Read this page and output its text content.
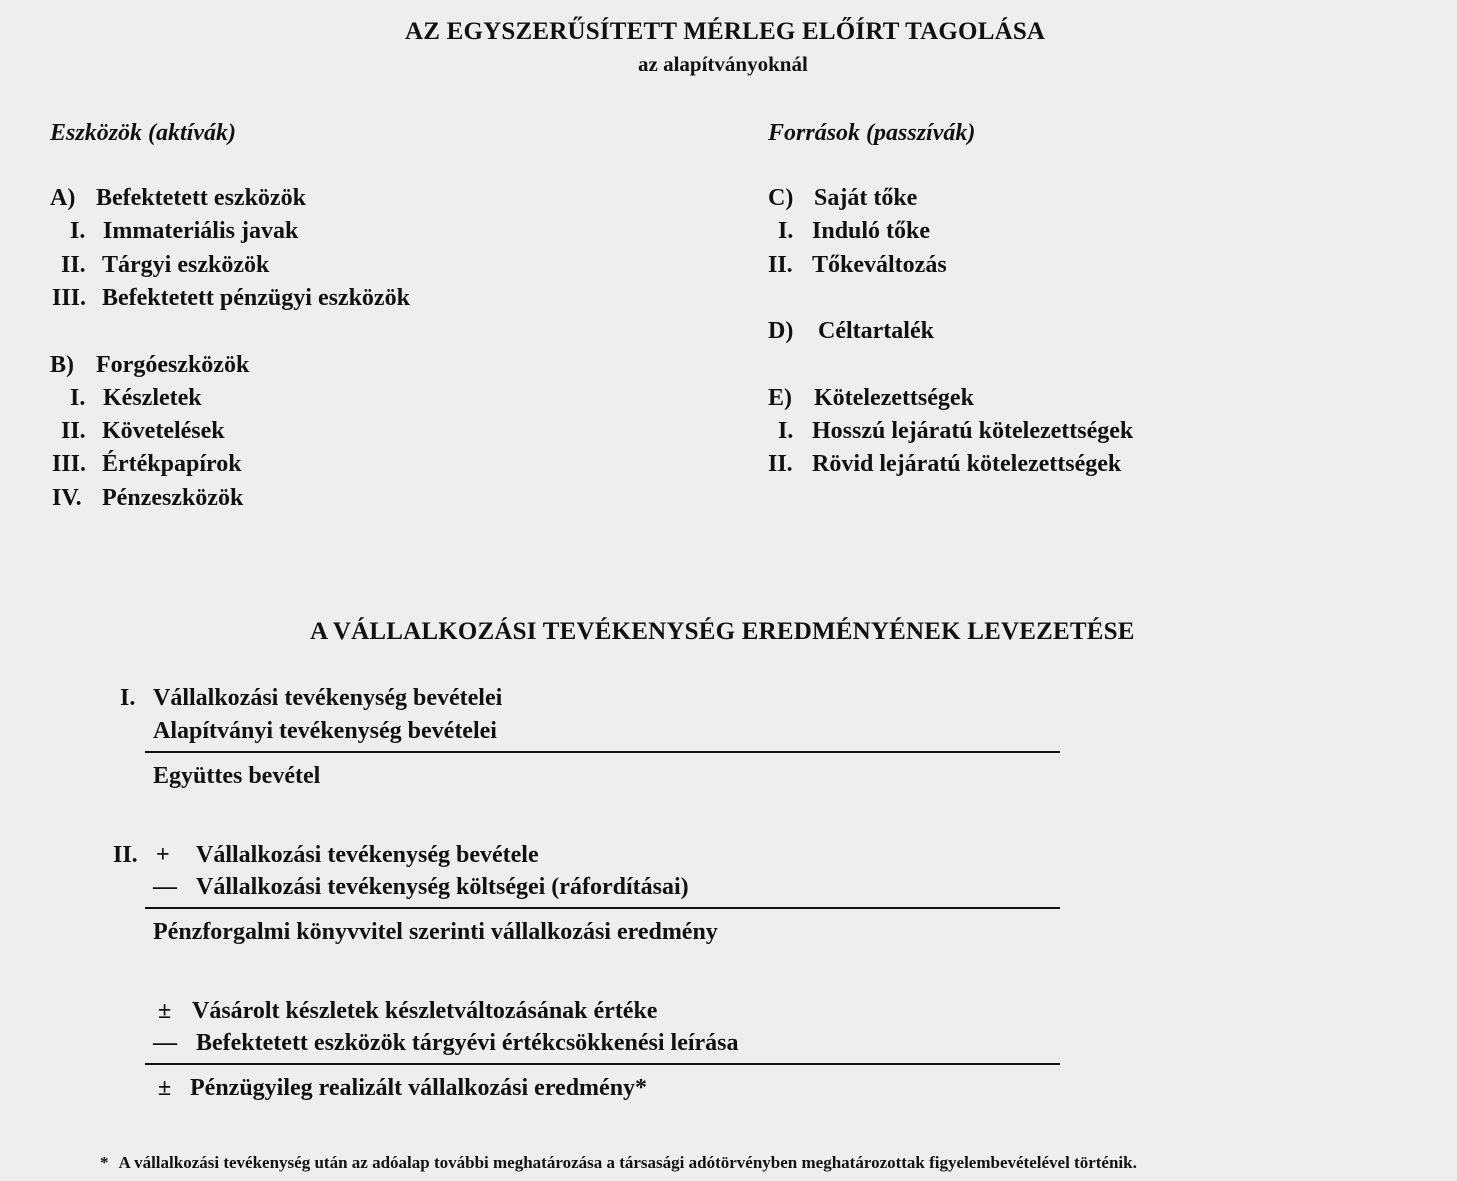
AZ EGYSZERŰSÍTETT MÉRLEG ELŐÍRT TAGOLÁSA
az alapítványoknál
Eszközök (aktívák)
A) Befektetett eszközök
I. Immateriális javak
II. Tárgyi eszközök
III. Befektetett pénzügyi eszközök
B) Forgóeszközök
I. Készletek
II. Követelések
III. Értékpapírok
IV. Pénzeszközök
Források (passzívák)
C) Saját tőke
I. Induló tőke
II. Tőkeváltozás
D) Céltartalék
E) Kötelezettségek
I. Hosszú lejáratú kötelezettségek
II. Rövid lejáratú kötelezettségek
A VÁLLALKOZÁSI TEVÉKENYSÉG EREDMÉNYÉNEK LEVEZETÉSE
I. Vállalkozási tevékenység bevételei
Alapítványi tevékenység bevételei
Együttes bevétel
II. + Vállalkozási tevékenység bevétele
— Vállalkozási tevékenység költségei (ráfordításai)
Pénzforgalmi könyvvitel szerinti vállalkozási eredmény
± Vásárolt készletek készletváltozásának értéke
— Befektetett eszközök tárgyévi értékcsökkenési leírása
± Pénzügyileg realizált vállalkozási eredmény*
* A vállalkozási tevékenység után az adóalap további meghatározása a társasági adótörvényben meghatározottak figyelembevételével történik.
